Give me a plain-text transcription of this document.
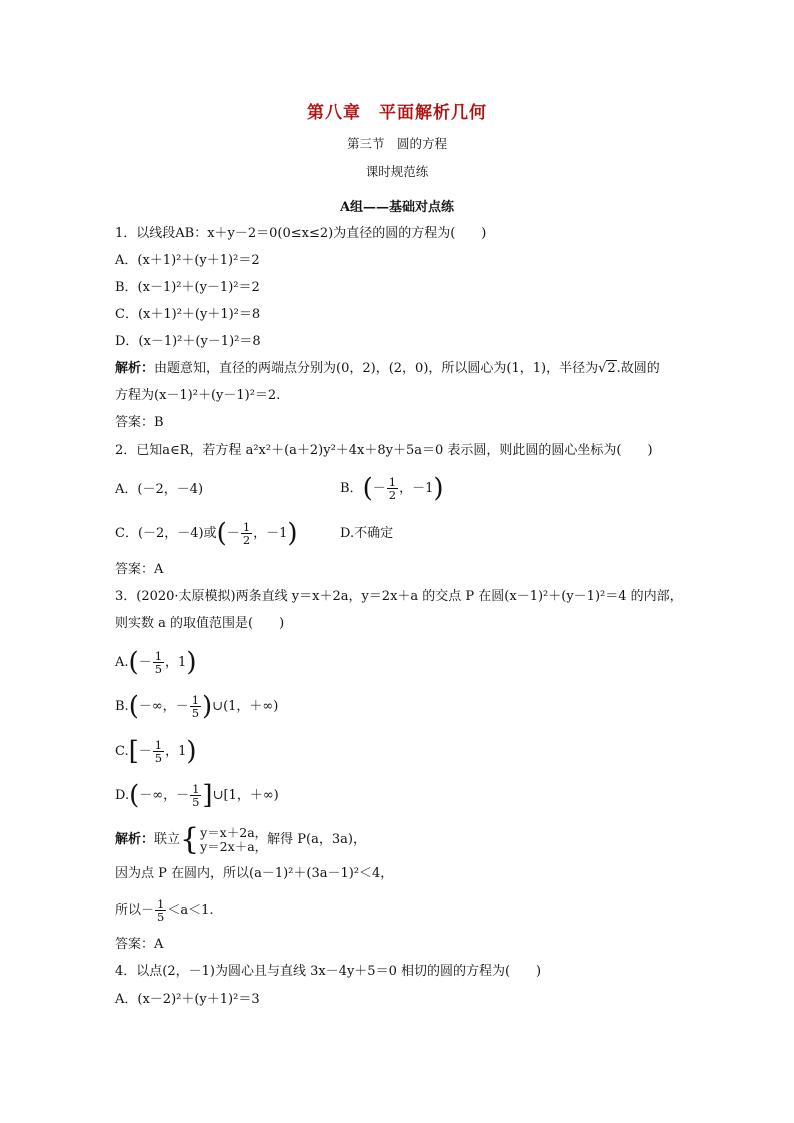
第八章　平面解析几何
第三节　圆的方程
课时规范练
A组——基础对点练
1．以线段AB：x＋y－2＝0(0≤x≤2)为直径的圆的方程为(　　)
A．(x＋1)²＋(y＋1)²＝2
B．(x－1)²＋(y－1)²＝2
C．(x＋1)²＋(y＋1)²＝8
D．(x－1)²＋(y－1)²＝8
解析：由题意知，直径的两端点分别为(0，2)，(2，0)，所以圆心为(1，1)，半径为√2.故圆的
方程为(x－1)²＋(y－1)²＝2.
答案：B
2．已知a∈R，若方程 a²x²＋(a＋2)y²＋4x＋8y＋5a＝0 表示圆，则此圆的圆心坐标为(　　)
A．(－2，－4)	B．(－ $\frac{1}{2}$ ，－1)
C．(－2，－4)或(－ $\frac{1}{2}$ ，－1)	D.不确定
答案：A
3．(2020·太原模拟)两条直线 y＝x＋2a，y＝2x＋a 的交点 P 在圆(x－1)²＋(y－1)²＝4 的内部，
则实数 a 的取值范围是(　　)
$A.(- \frac{1}{5}$ ，1)
B.(－∞，－ $\frac{1}{5}$ )∪(1，＋∞)
$C.[- \frac{1}{5}$ ，1)
D.(－∞，－ $\frac{1}{5}$ ]∪[1，＋∞)
解析：联立 { y＝x＋2a，
y＝2x＋a， 解得 P(a，3a)，
因为点 P 在圆内，所以(a－1)²＋(3a－1)²＜4，
所以－ $\frac{1}{5} <a<1$.
答案：A
4．以点(2，－1)为圆心且与直线 3x－4y＋5＝0 相切的圆的方程为(　　)
A．(x－2)²＋(y＋1)²＝3
